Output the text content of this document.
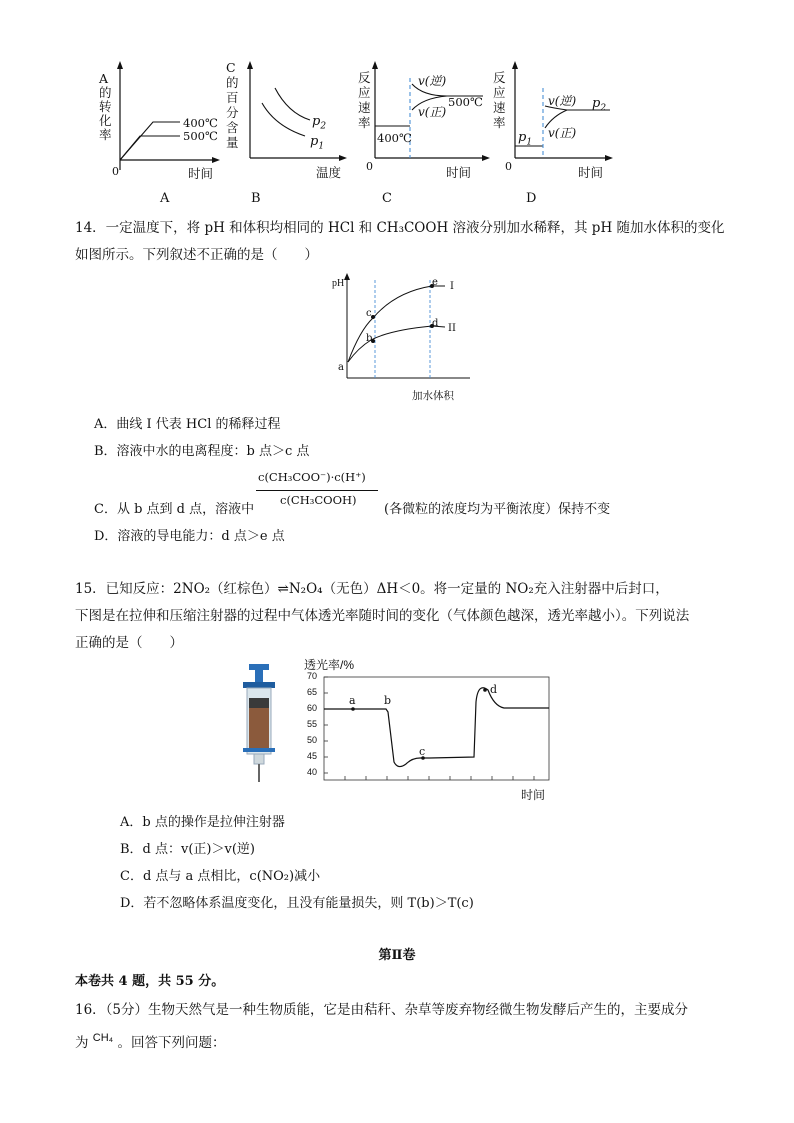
A的转化率
400℃
500℃
0	时间
A
C的百分含量
$p_2$
$p_1$
温度
B
反应速率
v(逆)
v(正)
500℃
400℃
0	时间
C
反应速率
v(逆)
v(正)
$p_2$
$p_1$
0	时间
D
14．一定温度下，将 pH 和体积均相同的 HCl 和 CH₃COOH 溶液分别加水稀释，其 pH 随加水体积的变化
如图所示。下列叙述不正确的是（　　）
pH
a
b
c
d
e I
II
加水体积
A．曲线 I 代表 HCl 的稀释过程
B．溶液中水的电离程度：b 点＞c 点
C．从 b 点到 d 点，溶液中
c(CH₃COO⁻)·c(H⁺)
c(CH₃COOH)
(各微粒的浓度均为平衡浓度）保持不变
D．溶液的导电能力：d 点＞e 点
15．已知反应：2NO₂（红棕色）⇌N₂O₄（无色）ΔH＜0。将一定量的 NO₂充入注射器中后封口，
下图是在拉伸和压缩注射器的过程中气体透光率随时间的变化（气体颜色越深，透光率越小）。下列说法
正确的是（　　）
透光率/%
70
65
60
55
50
45
40
a	b
c
d
时间
A．b 点的操作是拉伸注射器
B．d 点：v(正)＞v(逆)
C．d 点与 a 点相比，c(NO₂)减小
D．若不忽略体系温度变化，且没有能量损失，则 T(b)＞T(c)
第Ⅱ卷
本卷共 4 题，共 55 分。
16．（5分）生物天然气是一种生物质能，它是由秸秆、杂草等废弃物经微生物发酵后产生的，主要成分
为 $^{CH_4}$ 。回答下列问题：
